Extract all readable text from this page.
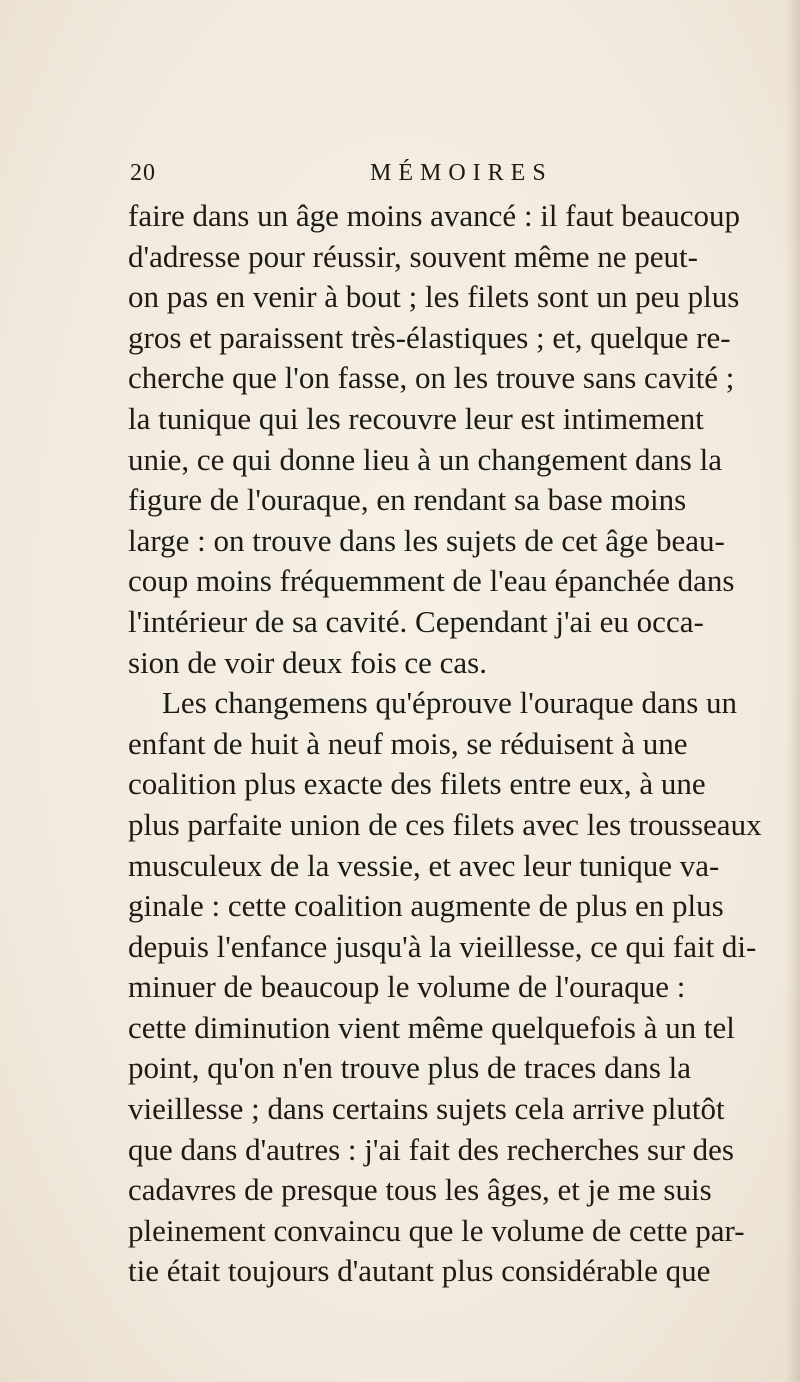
20	MÉMOIRES
faire dans un âge moins avancé : il faut beaucoup
d'adresse pour réussir, souvent même ne peut-
on pas en venir à bout ; les filets sont un peu plus
gros et paraissent très-élastiques ; et, quelque re-
cherche que l'on fasse, on les trouve sans cavité ;
la tunique qui les recouvre leur est intimement
unie, ce qui donne lieu à un changement dans la
figure de l'ouraque, en rendant sa base moins
large : on trouve dans les sujets de cet âge beau-
coup moins fréquemment de l'eau épanchée dans
l'intérieur de sa cavité. Cependant j'ai eu occa-
sion de voir deux fois ce cas.
Les changemens qu'éprouve l'ouraque dans un
enfant de huit à neuf mois, se réduisent à une
coalition plus exacte des filets entre eux, à une
plus parfaite union de ces filets avec les trousseaux
musculeux de la vessie, et avec leur tunique va-
ginale : cette coalition augmente de plus en plus
depuis l'enfance jusqu'à la vieillesse, ce qui fait di-
minuer de beaucoup le volume de l'ouraque :
cette diminution vient même quelquefois à un tel
point, qu'on n'en trouve plus de traces dans la
vieillesse ; dans certains sujets cela arrive plutôt
que dans d'autres : j'ai fait des recherches sur des
cadavres de presque tous les âges, et je me suis
pleinement convaincu que le volume de cette par-
tie était toujours d'autant plus considérable que
